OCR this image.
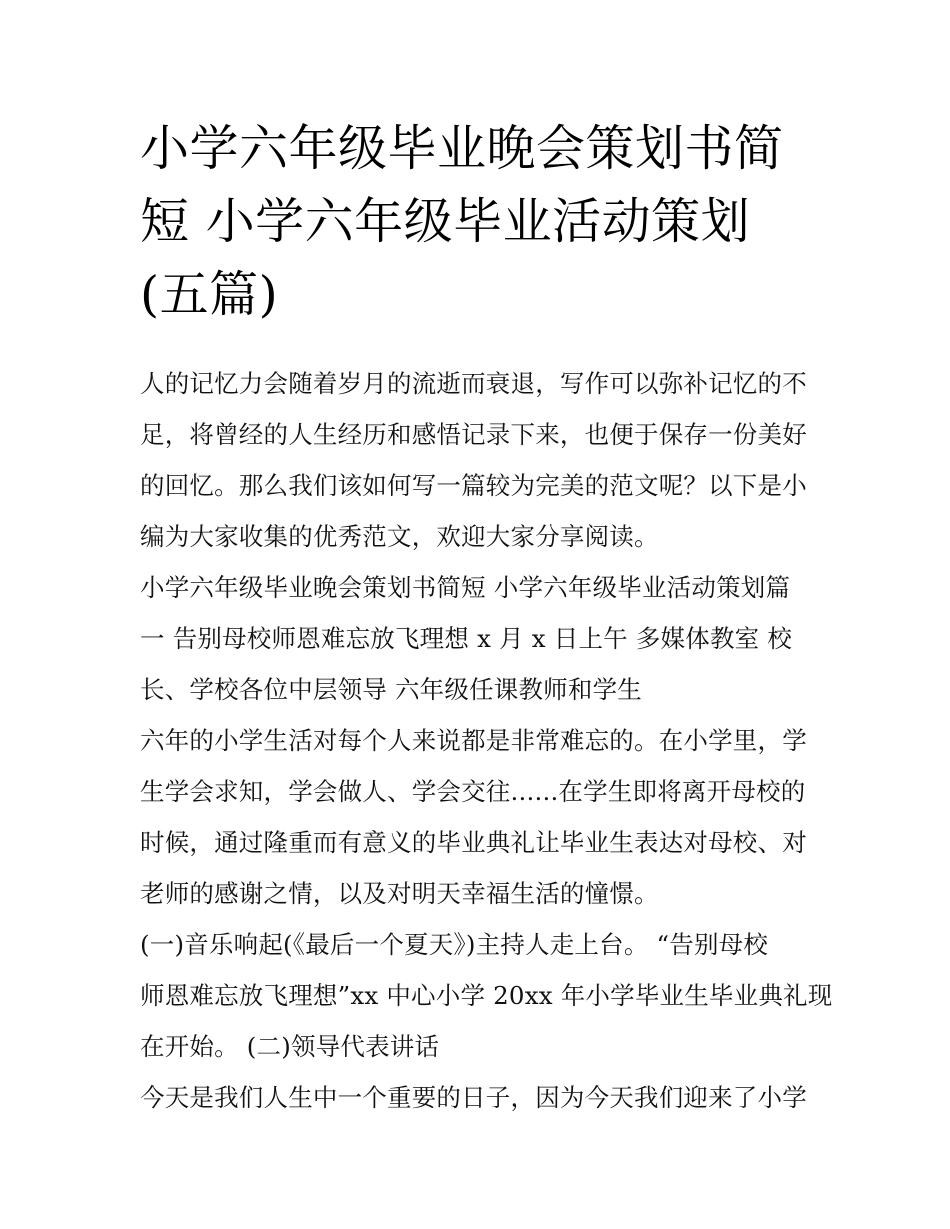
小学六年级毕业晚会策划书简
短 小学六年级毕业活动策划
(五篇)
人的记忆力会随着岁月的流逝而衰退，写作可以弥补记忆的不
足，将曾经的人生经历和感悟记录下来，也便于保存一份美好
的回忆。那么我们该如何写一篇较为完美的范文呢？以下是小
编为大家收集的优秀范文，欢迎大家分享阅读。
小学六年级毕业晚会策划书简短 小学六年级毕业活动策划篇
一 告别母校师恩难忘放飞理想 x 月 x 日上午 多媒体教室 校
长、学校各位中层领导 六年级任课教师和学生
六年的小学生活对每个人来说都是非常难忘的。在小学里，学
生学会求知，学会做人、学会交往......在学生即将离开母校的
时候，通过隆重而有意义的毕业典礼让毕业生表达对母校、对
老师的感谢之情，以及对明天幸福生活的憧憬。
(一)音乐响起(《最后一个夏天》)主持人走上台。 “告别母校
师恩难忘放飞理想”xx 中心小学 20xx 年小学毕业生毕业典礼现
在开始。 (二)领导代表讲话
今天是我们人生中一个重要的日子，因为今天我们迎来了小学
